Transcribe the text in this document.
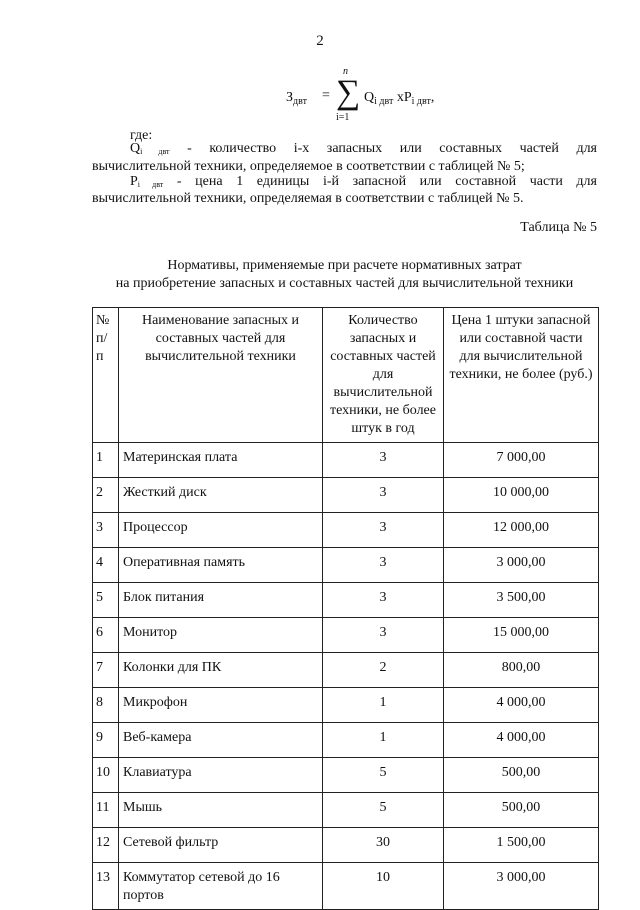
2
$З_{двт}$ =
n
∑
i=1
$Q_{i двт}$ $хP_{i двт}$,
где:
Qi двт - количество i-х запасных или составных частей для
вычислительной техники, определяемое в соответствии с таблицей № 5;
Pi двт - цена 1 единицы i-й запасной или составной части для
вычислительной техники, определяемая в соответствии с таблицей № 5.
Таблица № 5
Нормативы, применяемые при расчете нормативных затрат
на приобретение запасных и составных частей для вычислительной техники
№ п/п	Наименование запасных и составных частей для вычислительной техники	Количество запасных и составных частей для вычислительной техники, не более штук в год	Цена 1 штуки запасной или составной части для вычислительной техники, не более (руб.)
1	Материнская плата	3	7 000,00
2	Жесткий диск	3	10 000,00
3	Процессор	3	12 000,00
4	Оперативная память	3	3 000,00
5	Блок питания	3	3 500,00
6	Монитор	3	15 000,00
7	Колонки для ПК	2	800,00
8	Микрофон	1	4 000,00
9	Веб-камера	1	4 000,00
10	Клавиатура	5	500,00
11	Мышь	5	500,00
12	Сетевой фильтр	30	1 500,00
13	Коммутатор сетевой до 16 портов	10	3 000,00
